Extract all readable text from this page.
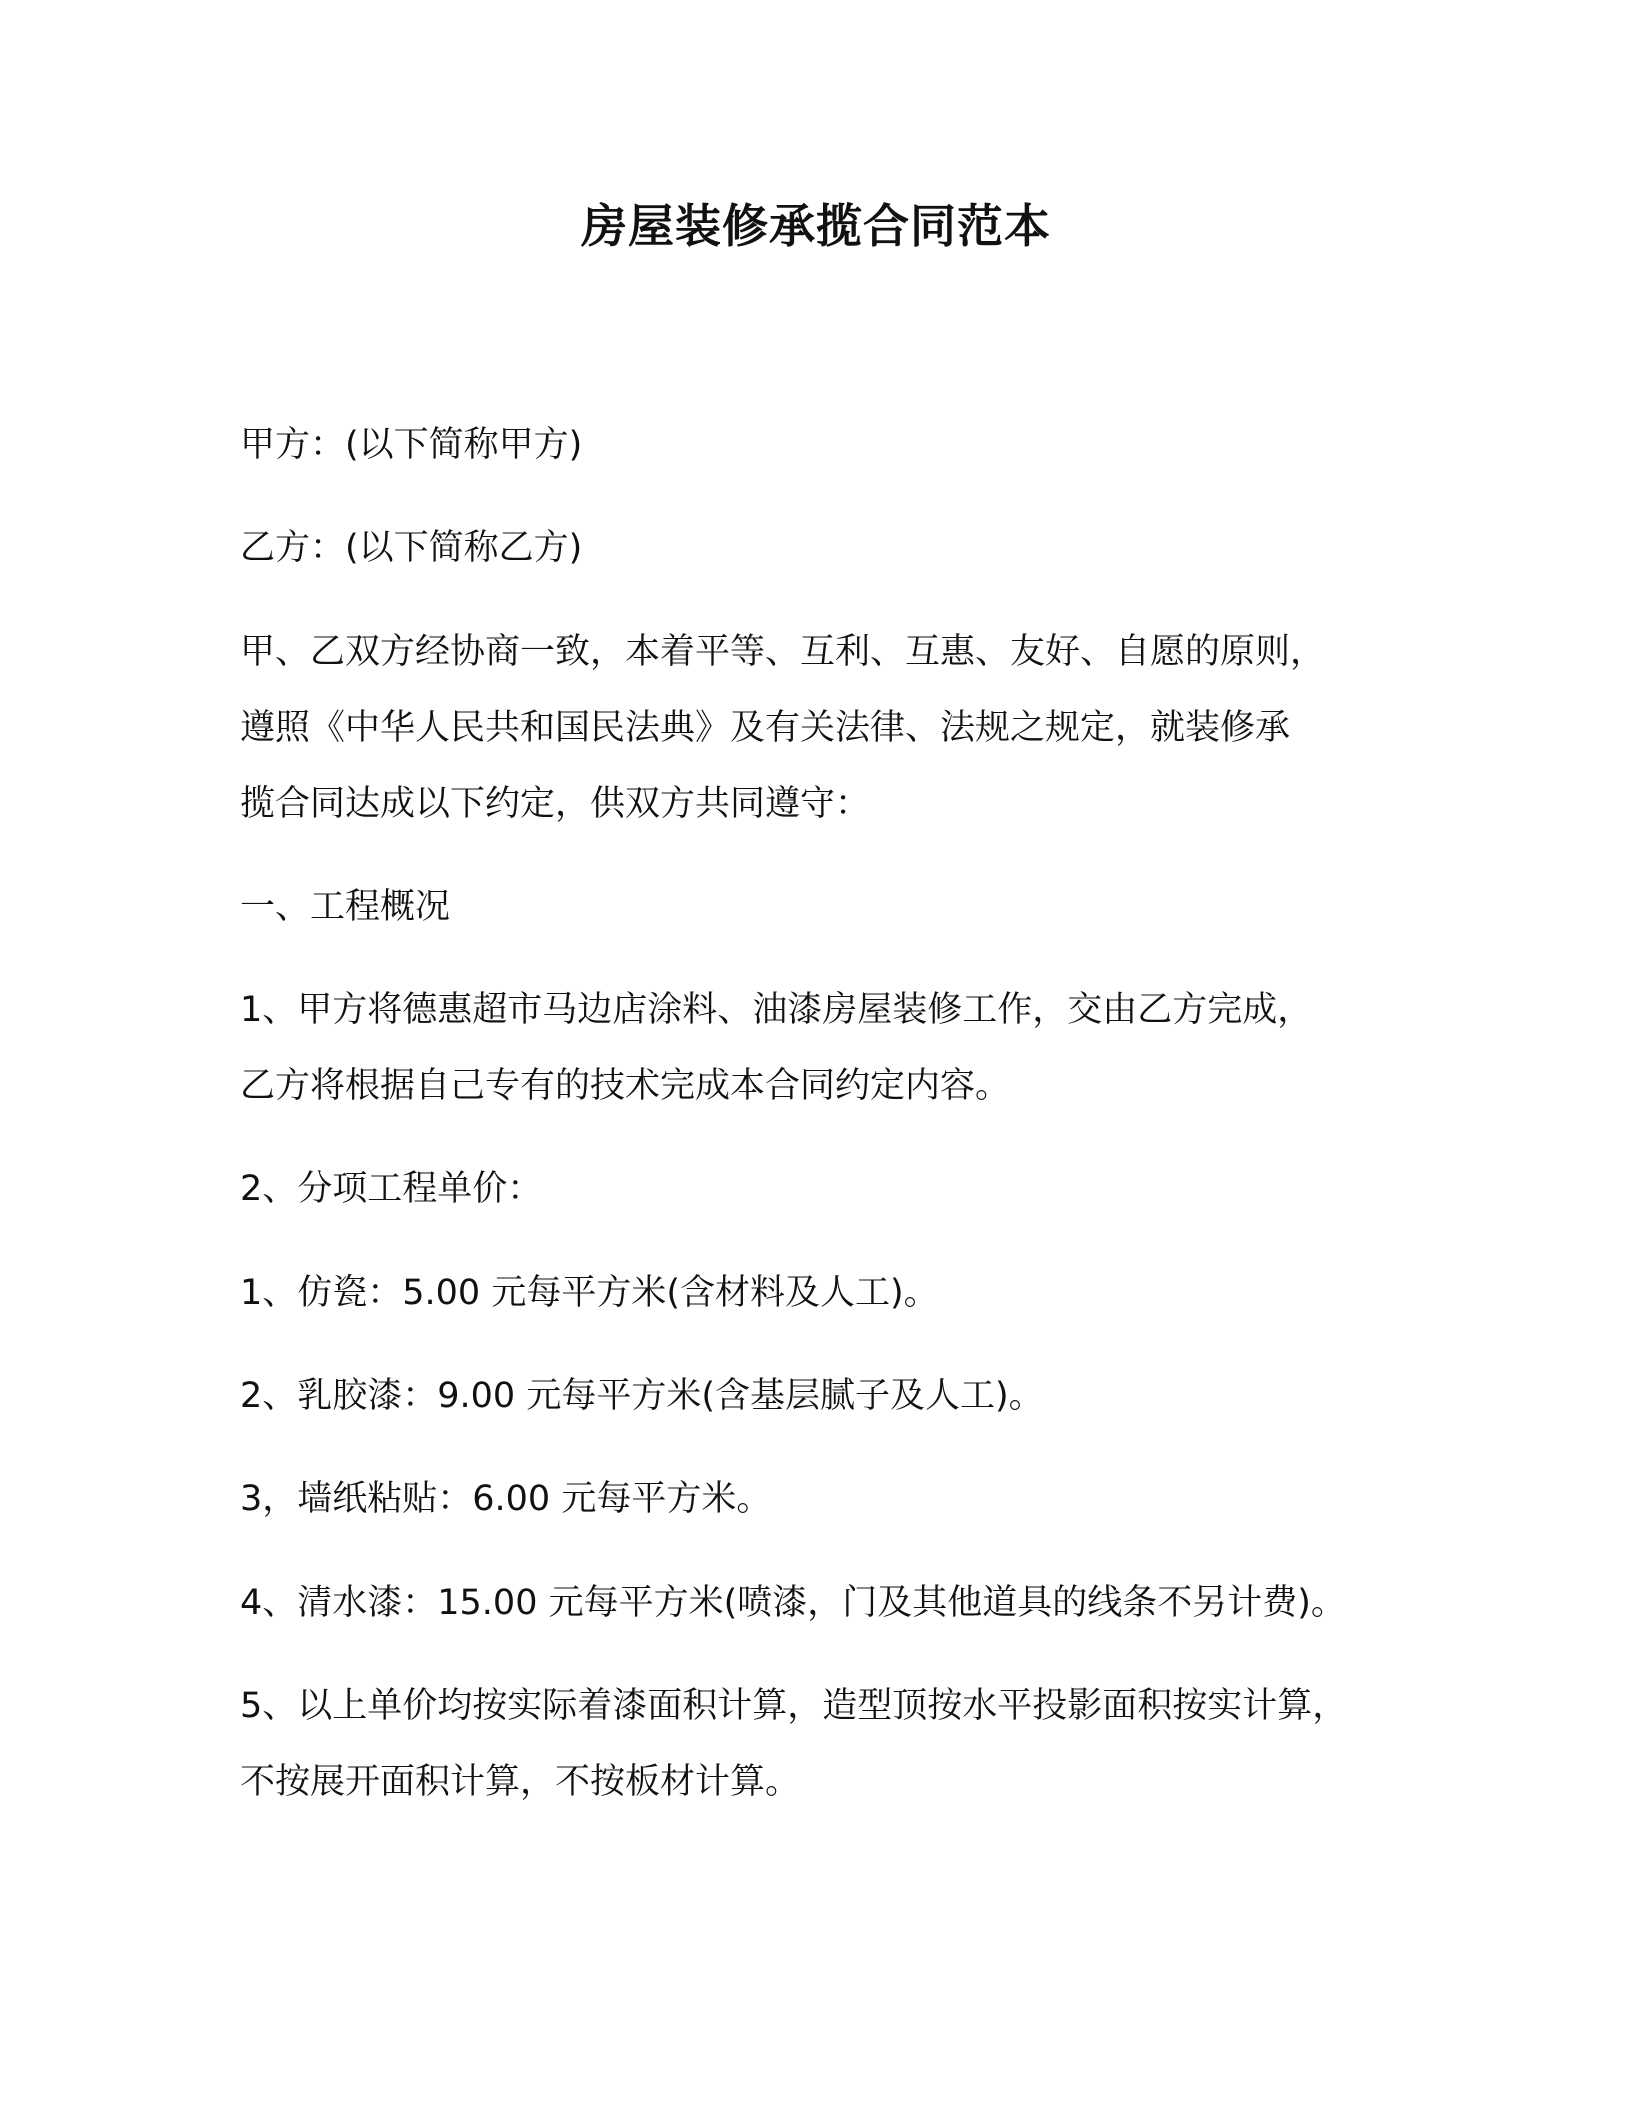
房屋装修承揽合同范本
甲方：(以下简称甲方)
乙方：(以下简称乙方)
甲、乙双方经协商一致，本着平等、互利、互惠、友好、自愿的原则，
遵照《中华人民共和国民法典》及有关法律、法规之规定，就装修承
揽合同达成以下约定，供双方共同遵守：
一、工程概况
1、甲方将德惠超市马边店涂料、油漆房屋装修工作，交由乙方完成，
乙方将根据自己专有的技术完成本合同约定内容。
2、分项工程单价：
1、仿瓷：5.00 元每平方米(含材料及人工)。
2、乳胶漆：9.00 元每平方米(含基层腻子及人工)。
3，墙纸粘贴：6.00 元每平方米。
4、清水漆：15.00 元每平方米(喷漆，门及其他道具的线条不另计费)。
5、以上单价均按实际着漆面积计算，造型顶按水平投影面积按实计算，
不按展开面积计算，不按板材计算。
